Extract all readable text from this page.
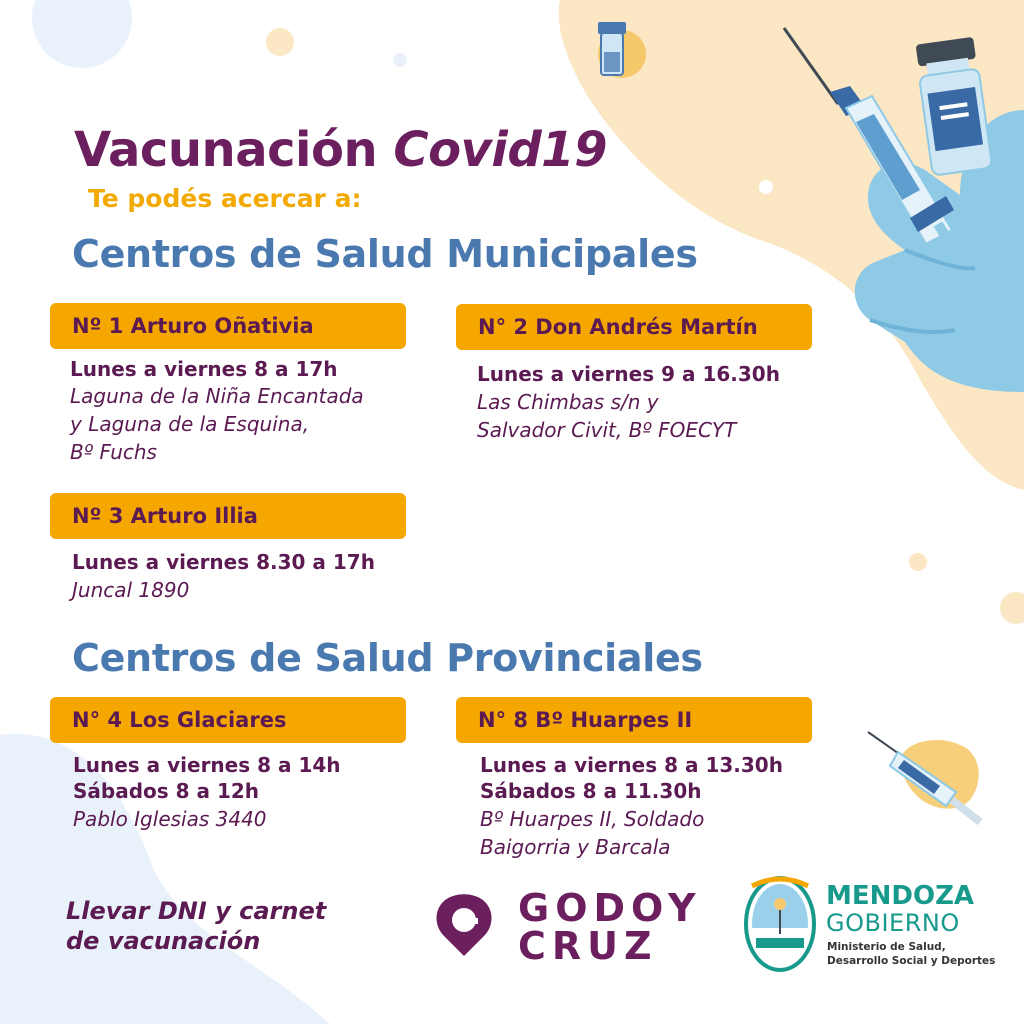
Vacunación Covid19
Te podés acercar a:
Centros de Salud Municipales
Nº 1 Arturo Oñativia
Lunes a viernes 8 a 17h
Laguna de la Niña Encantada
y Laguna de la Esquina,
Bº Fuchs
N° 2 Don Andrés Martín
Lunes a viernes 9 a 16.30h
Las Chimbas s/n y
Salvador Civit, Bº FOECYT
Nº 3 Arturo Illia
Lunes a viernes 8.30 a 17h
Juncal 1890
Centros de Salud Provinciales
N° 4 Los Glaciares
Lunes a viernes 8 a 14h
Sábados 8 a 12h
Pablo Iglesias 3440
N° 8 Bº Huarpes II
Lunes a viernes 8 a 13.30h
Sábados 8 a 11.30h
Bº Huarpes II, Soldado
Baigorria y Barcala
Llevar DNI y carnet
de vacunación
GODOY
CRUZ
MENDOZA
GOBIERNO
Ministerio de Salud,
Desarrollo Social y Deportes
